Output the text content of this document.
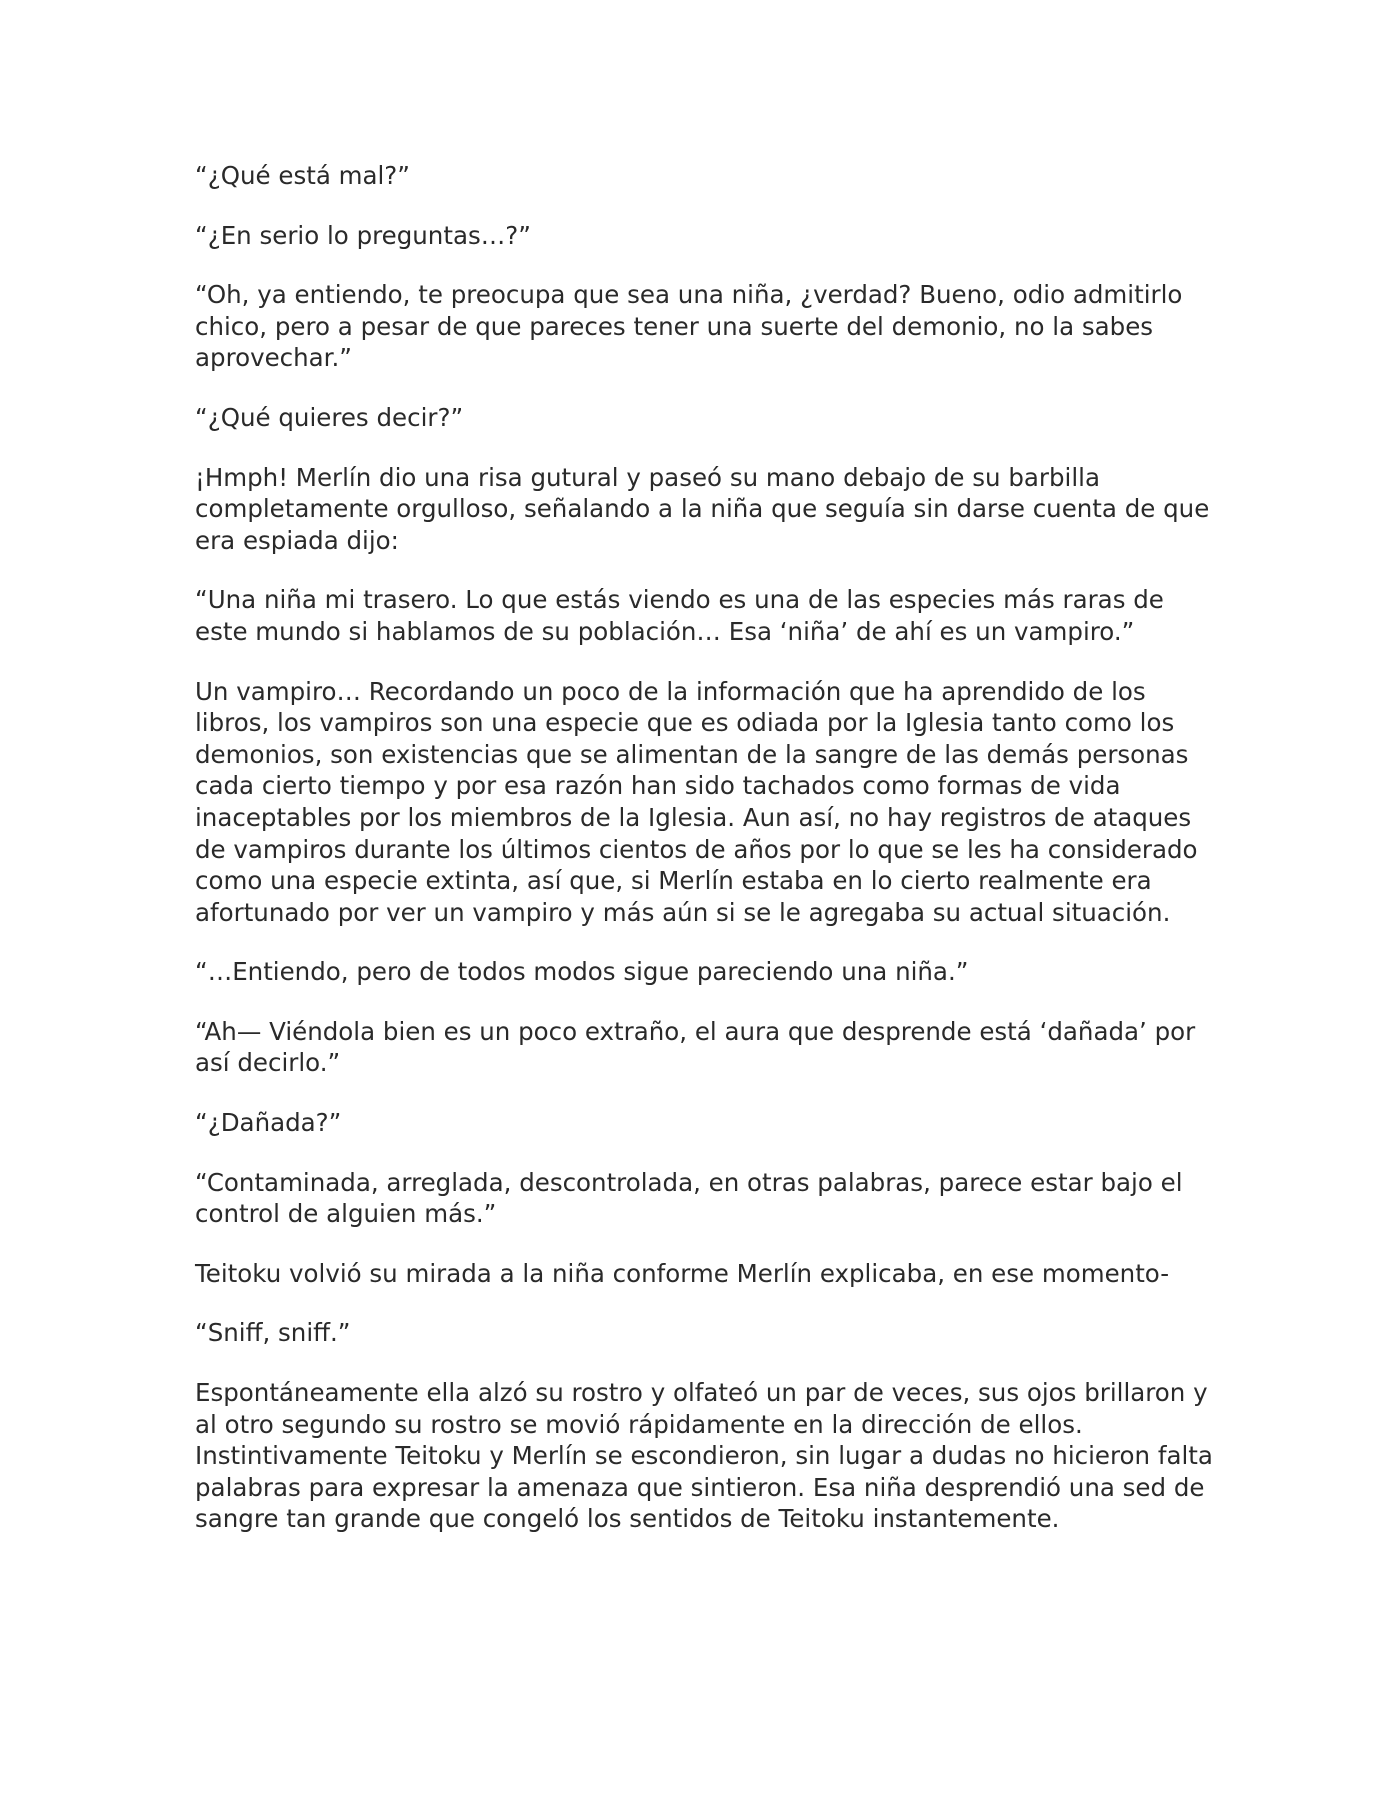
“¿Qué está mal?”

“¿En serio lo preguntas…?”

“Oh, ya entiendo, te preocupa que sea una niña, ¿verdad? Bueno, odio admitirlo chico, pero a pesar de que pareces tener una suerte del demonio, no la sabes aprovechar.”

“¿Qué quieres decir?”

¡Hmph! Merlín dio una risa gutural y paseó su mano debajo de su barbilla completamente orgulloso, señalando a la niña que seguía sin darse cuenta de que era espiada dijo:

“Una niña mi trasero. Lo que estás viendo es una de las especies más raras de este mundo si hablamos de su población… Esa ‘niña’ de ahí es un vampiro.”

Un vampiro… Recordando un poco de la información que ha aprendido de los libros, los vampiros son una especie que es odiada por la Iglesia tanto como los demonios, son existencias que se alimentan de la sangre de las demás personas cada cierto tiempo y por esa razón han sido tachados como formas de vida inaceptables por los miembros de la Iglesia. Aun así, no hay registros de ataques de vampiros durante los últimos cientos de años por lo que se les ha considerado como una especie extinta, así que, si Merlín estaba en lo cierto realmente era afortunado por ver un vampiro y más aún si se le agregaba su actual situación.

“…Entiendo, pero de todos modos sigue pareciendo una niña.”

“Ah— Viéndola bien es un poco extraño, el aura que desprende está ‘dañada’ por así decirlo.”

“¿Dañada?”

“Contaminada, arreglada, descontrolada, en otras palabras, parece estar bajo el control de alguien más.”

Teitoku volvió su mirada a la niña conforme Merlín explicaba, en ese momento-

“Sniff, sniff.”

Espontáneamente ella alzó su rostro y olfateó un par de veces, sus ojos brillaron y al otro segundo su rostro se movió rápidamente en la dirección de ellos. Instintivamente Teitoku y Merlín se escondieron, sin lugar a dudas no hicieron falta palabras para expresar la amenaza que sintieron. Esa niña desprendió una sed de sangre tan grande que congeló los sentidos de Teitoku instantemente.
